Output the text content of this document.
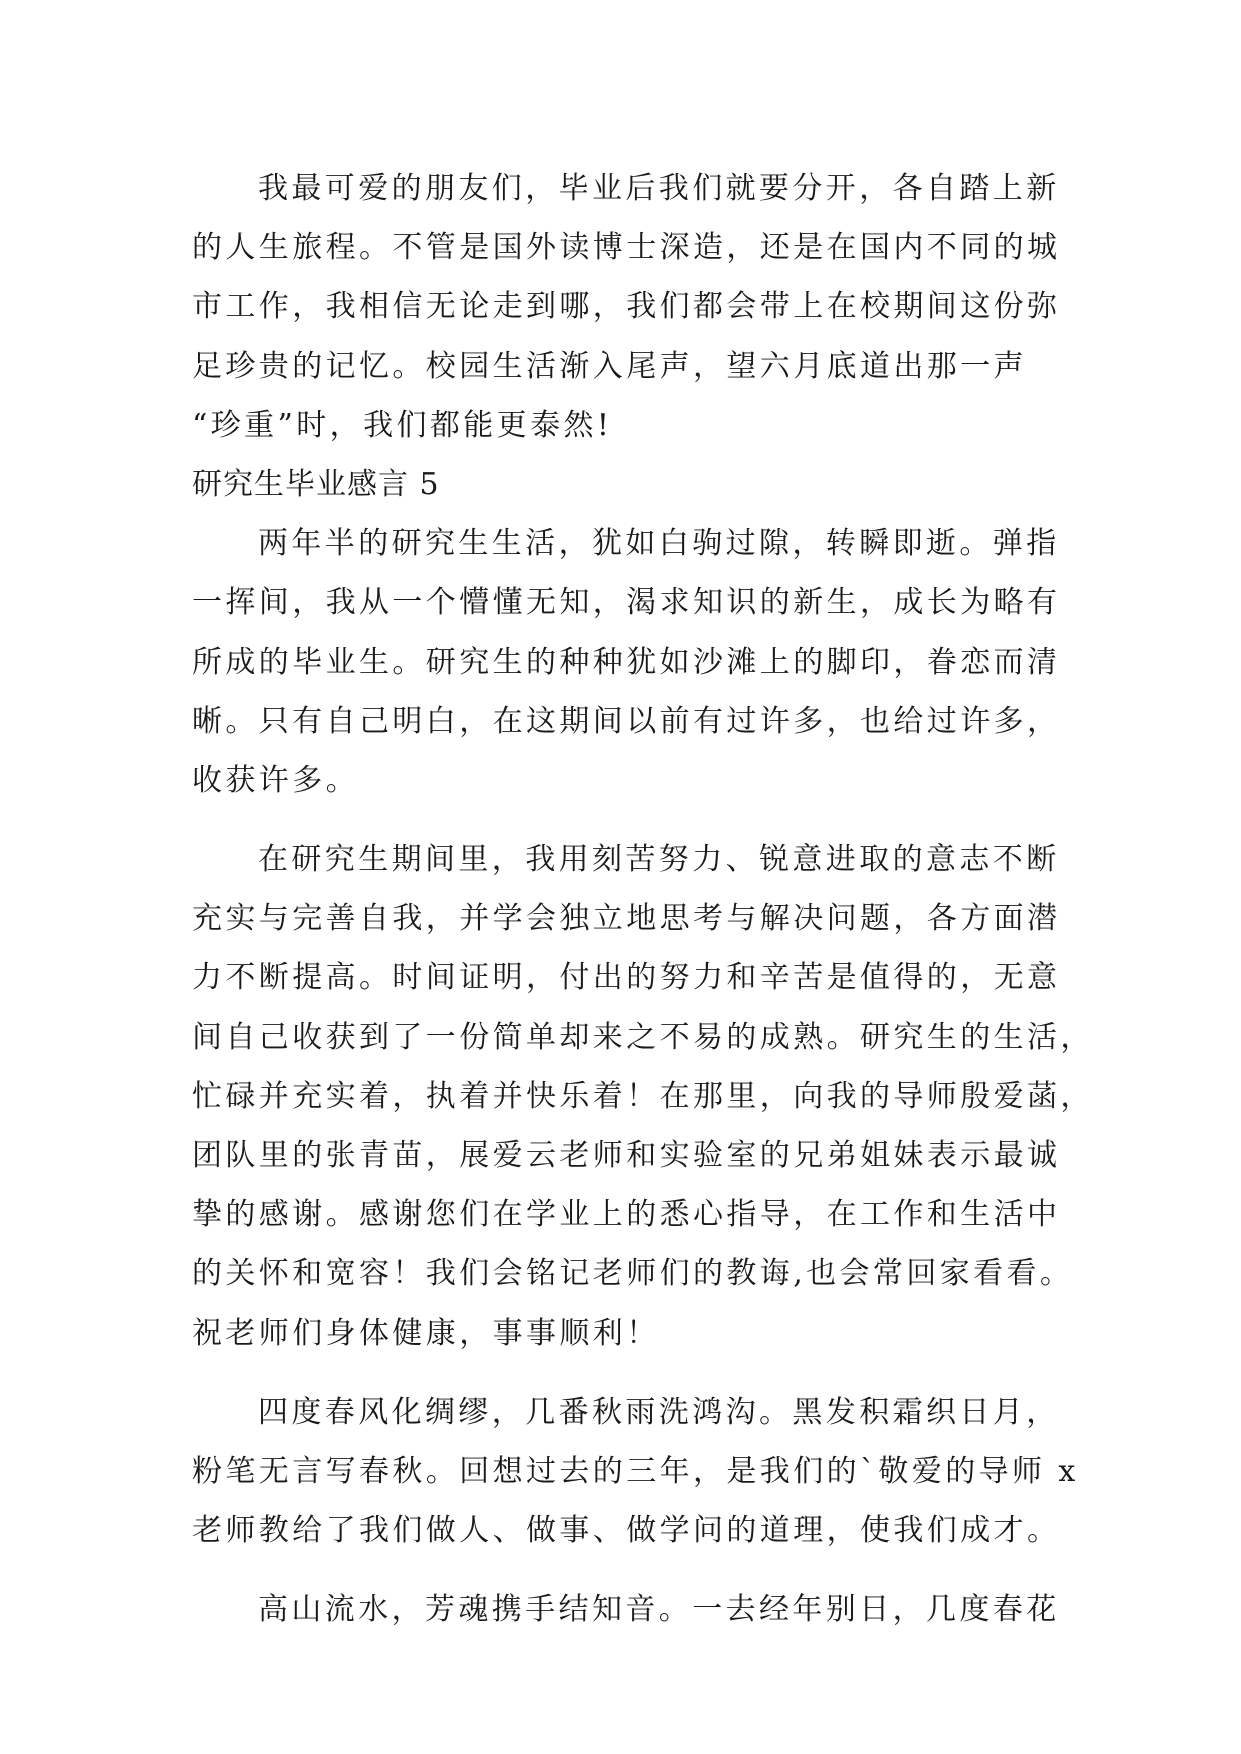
我最可爱的朋友们，毕业后我们就要分开，各自踏上新
的人生旅程。不管是国外读博士深造，还是在国内不同的城
市工作，我相信无论走到哪，我们都会带上在校期间这份弥
足珍贵的记忆。校园生活渐入尾声，望六月底道出那一声
“珍重”时，我们都能更泰然!
研究生毕业感言 5
两年半的研究生生活，犹如白驹过隙，转瞬即逝。弹指
一挥间，我从一个懵懂无知，渴求知识的新生，成长为略有
所成的毕业生。研究生的种种犹如沙滩上的脚印，眷恋而清
晰。只有自己明白，在这期间以前有过许多，也给过许多，
收获许多。
在研究生期间里，我用刻苦努力、锐意进取的意志不断
充实与完善自我，并学会独立地思考与解决问题，各方面潜
力不断提高。时间证明，付出的努力和辛苦是值得的，无意
间自己收获到了一份简单却来之不易的成熟。研究生的生活，
忙碌并充实着，执着并快乐着！在那里，向我的导师殷爱菡，
团队里的张青苗，展爱云老师和实验室的兄弟姐妹表示最诚
挚的感谢。感谢您们在学业上的悉心指导，在工作和生活中
的关怀和宽容！我们会铭记老师们的教诲,也会常回家看看。
祝老师们身体健康，事事顺利！
四度春风化绸缪，几番秋雨洗鸿沟。黑发积霜织日月，
粉笔无言写春秋。回想过去的三年，是我们的`敬爱的导师 x
老师教给了我们做人、做事、做学问的道理，使我们成才。
高山流水，芳魂携手结知音。一去经年别日，几度春花
